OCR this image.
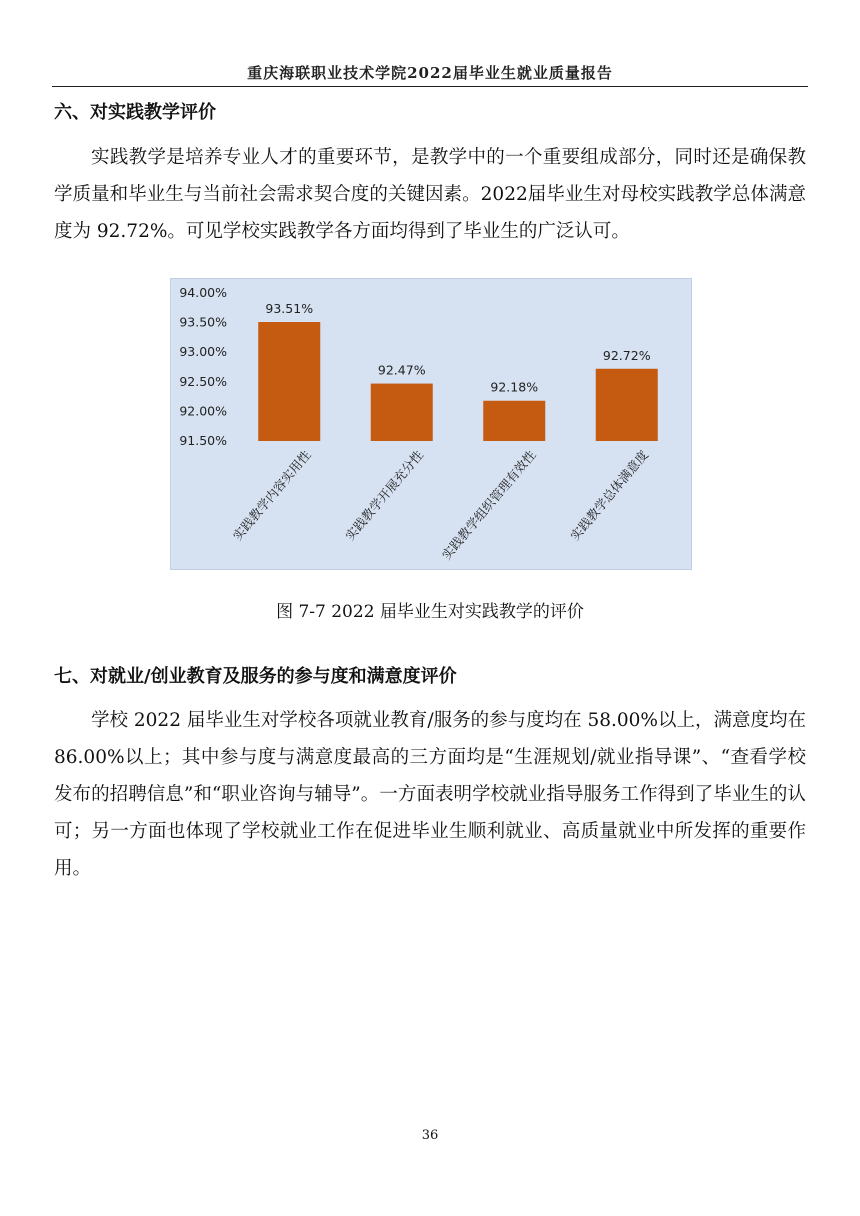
重庆海联职业技术学院2022届毕业生就业质量报告
六、对实践教学评价

实践教学是培养专业人才的重要环节，是教学中的一个重要组成部分，同时还是确保教学质量和毕业生与当前社会需求契合度的关键因素。2022届毕业生对母校实践教学总体满意度为 92.72%。可见学校实践教学各方面均得到了毕业生的广泛认可。

94.00%
93.50%
93.00%
92.50%
92.00%
91.50%
93.51%
实践教学内容实用性
92.47%
实践教学开展充分性
92.18%
实践教学组织管理有效性
92.72%
实践教学总体满意度
图 7-7 2022 届毕业生对实践教学的评价
七、对就业/创业教育及服务的参与度和满意度评价

学校 2022 届毕业生对学校各项就业教育/服务的参与度均在 58.00%以上，满意度均在 86.00%以上；其中参与度与满意度最高的三方面均是“生涯规划/就业指导课”、“查看学校发布的招聘信息”和“职业咨询与辅导”。一方面表明学校就业指导服务工作得到了毕业生的认可；另一方面也体现了学校就业工作在促进毕业生顺利就业、高质量就业中所发挥的重要作用。

36
